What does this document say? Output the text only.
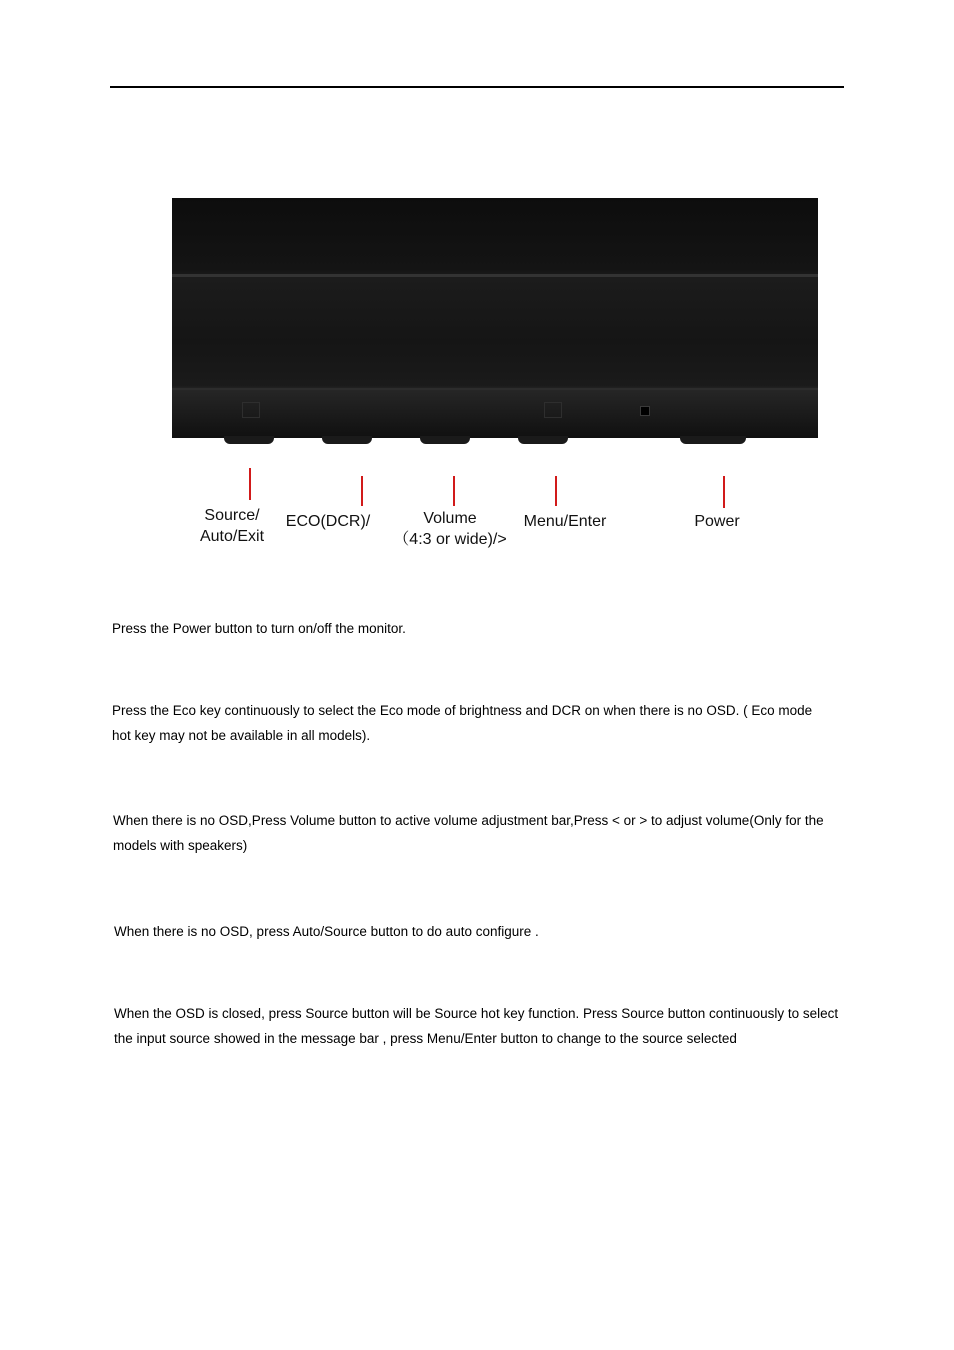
Source/
Auto/Exit
ECO(DCR)/	Volume
（4:3 or wide)/>
Menu/Enter	Power
Press the Power button to turn on/off the monitor.
Press the Eco key continuously to select the Eco mode of brightness and DCR on when there is no OSD. ( Eco mode hot key may not be available in all models).
When there is no OSD,Press Volume button to active volume adjustment bar,Press < or > to adjust volume(Only for the models with speakers)
When there is no OSD, press Auto/Source button to do auto configure .
When the OSD is closed, press Source button will be Source hot key function. Press Source button continuously to select the input source showed in the message bar , press Menu/Enter button to change to the source selected
